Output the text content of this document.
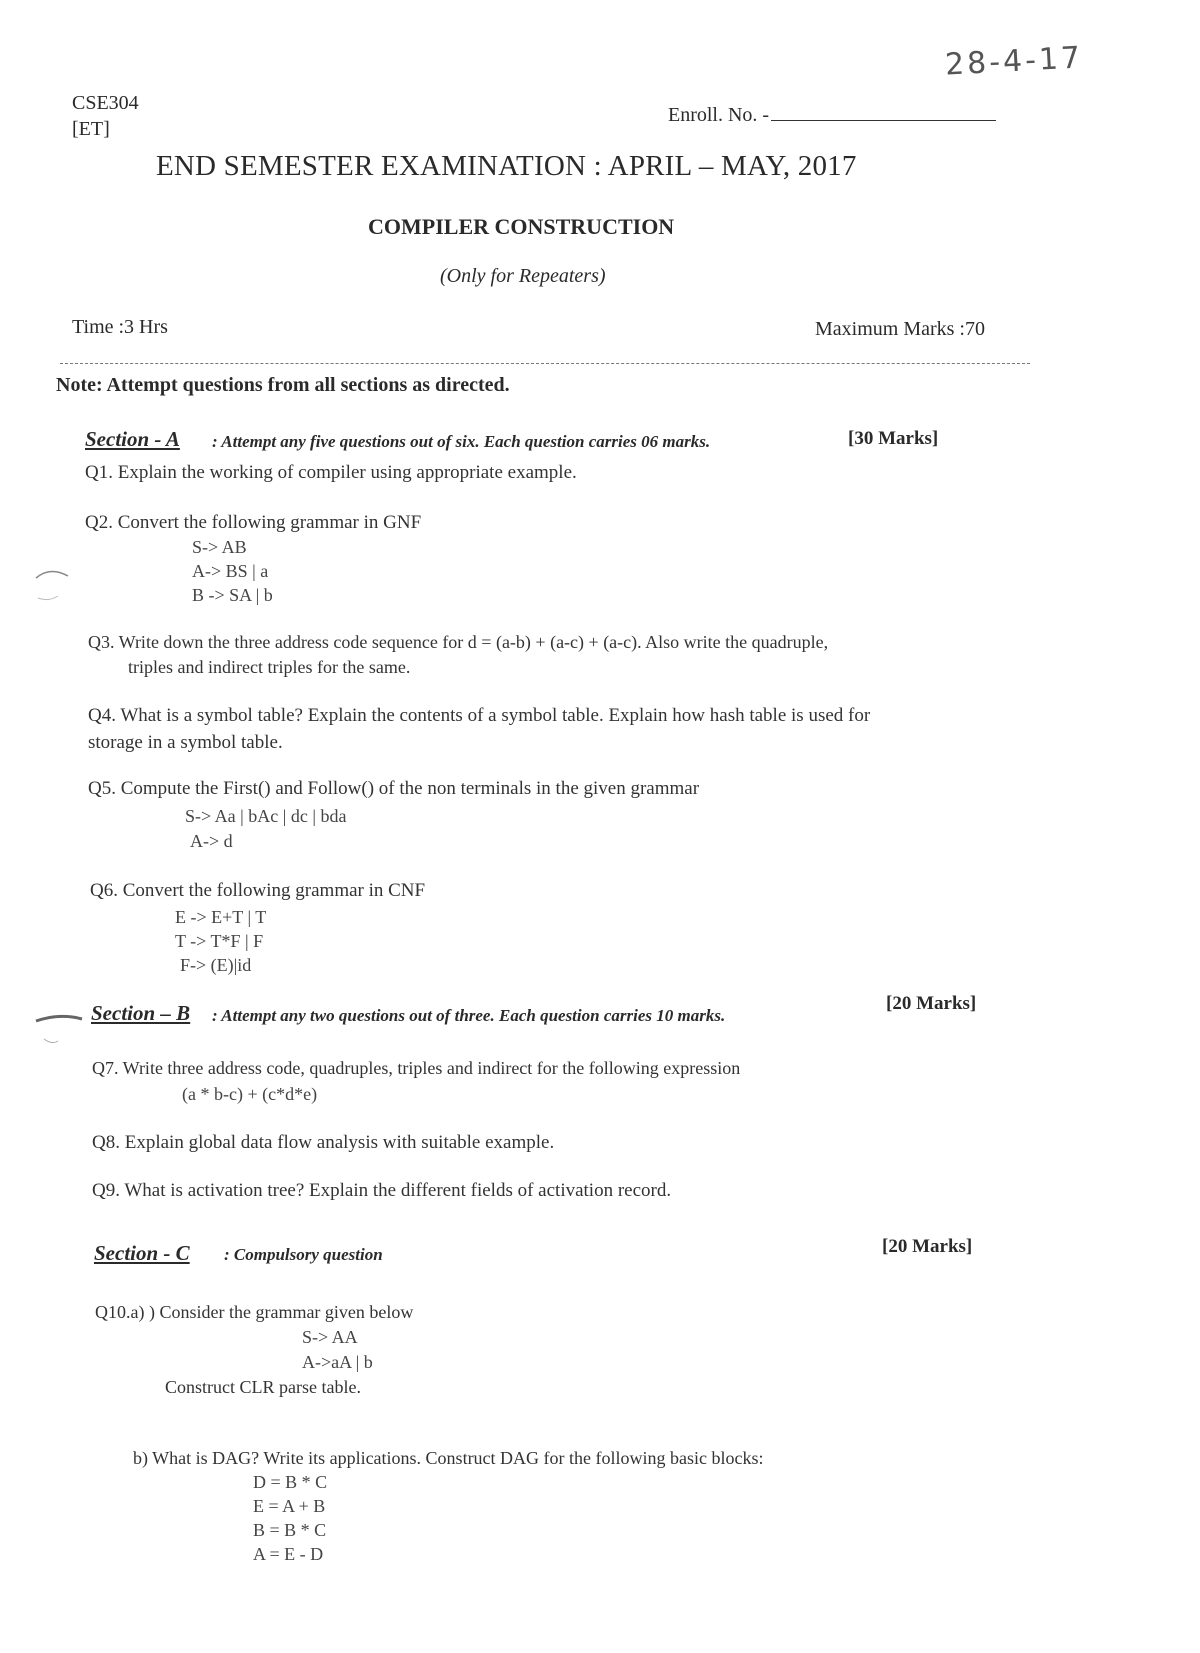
28-4-17
CSE304
[ET]
Enroll. No. -
END SEMESTER EXAMINATION : APRIL – MAY, 2017
COMPILER CONSTRUCTION
(Only for Repeaters)
Time :3 Hrs	Maximum Marks :70
Note: Attempt questions from all sections as directed.
Section - A : Attempt any five questions out of six. Each question carries 06 marks.	[30 Marks]
Q1. Explain the working of compiler using appropriate example.
Q2. Convert the following grammar in GNF
S-> AB
A-> BS | a
B -> SA | b
Q3. Write down the three address code sequence for d = (a-b) + (a-c) + (a-c). Also write the quadruple,
triples and indirect triples for the same.
Q4. What is a symbol table? Explain the contents of a symbol table. Explain how hash table is used for
storage in a symbol table.
Q5. Compute the First() and Follow() of the non terminals in the given grammar
S-> Aa | bAc | dc | bda
A-> d
Q6. Convert the following grammar in CNF
E -> E+T | T
T -> T*F | F
F-> (E)|id
Section – B : Attempt any two questions out of three. Each question carries 10 marks.
[20 Marks]
Q7. Write three address code, quadruples, triples and indirect for the following expression
(a * b-c) + (c*d*e)
Q8. Explain global data flow analysis with suitable example.
Q9. What is activation tree? Explain the different fields of activation record.
Section - C : Compulsory question	[20 Marks]
Q10.a) ) Consider the grammar given below
S-> AA
A->aA | b
Construct CLR parse table.
b) What is DAG? Write its applications. Construct DAG for the following basic blocks:
D = B * C
E = A + B
B = B * C
A = E - D
